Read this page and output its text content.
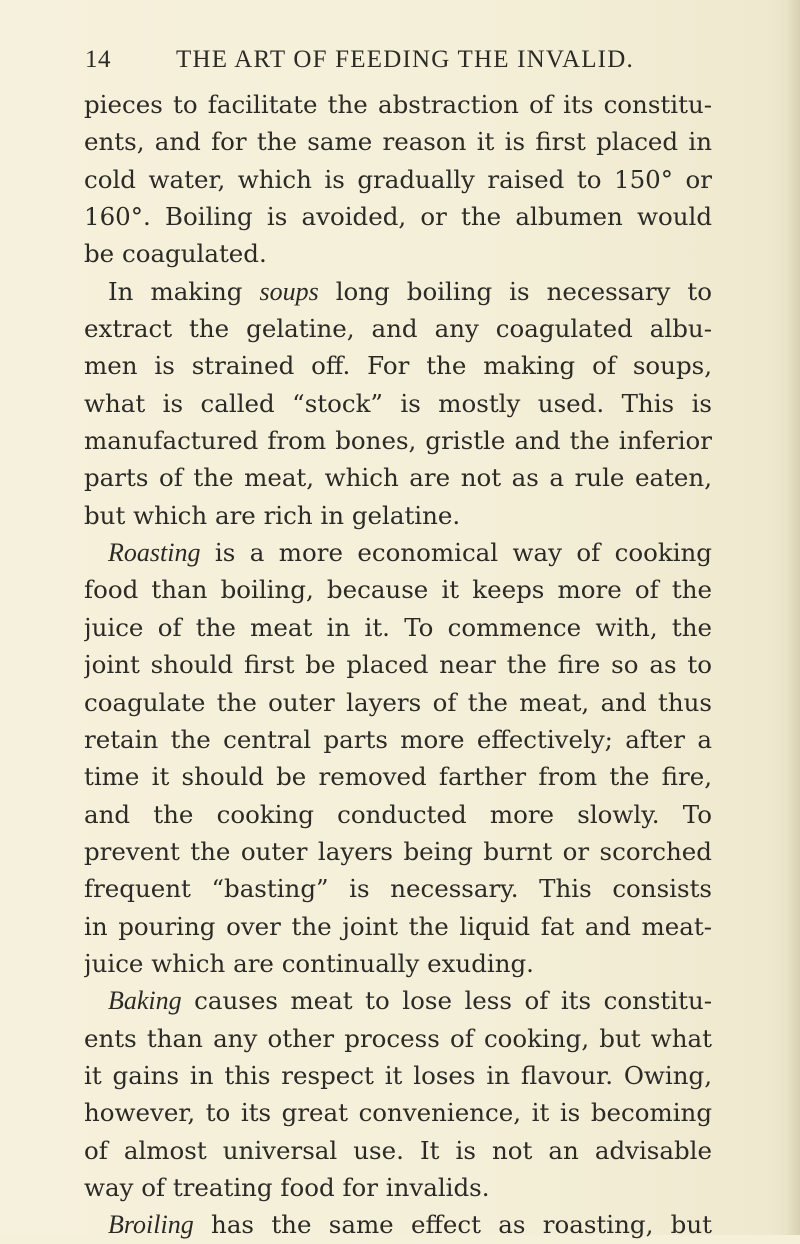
14	THE ART OF FEEDING THE INVALID.
pieces to facilitate the abstraction of its constitu-
ents, and for the same reason it is first placed in
cold water, which is gradually raised to 150° or
160°. Boiling is avoided, or the albumen would
be coagulated.
In making soups long boiling is necessary to
extract the gelatine, and any coagulated albu-
men is strained off. For the making of soups,
what is called “stock” is mostly used. This is
manufactured from bones, gristle and the inferior
parts of the meat, which are not as a rule eaten,
but which are rich in gelatine.
Roasting is a more economical way of cooking
food than boiling, because it keeps more of the
juice of the meat in it. To commence with, the
joint should first be placed near the fire so as to
coagulate the outer layers of the meat, and thus
retain the central parts more effectively; after a
time it should be removed farther from the fire,
and the cooking conducted more slowly. To
prevent the outer layers being burnt or scorched
frequent “basting” is necessary. This consists
in pouring over the joint the liquid fat and meat-
juice which are continually exuding.
Baking causes meat to lose less of its constitu-
ents than any other process of cooking, but what
it gains in this respect it loses in flavour. Owing,
however, to its great convenience, it is becoming
of almost universal use. It is not an advisable
way of treating food for invalids.
Broiling has the same effect as roasting, but
